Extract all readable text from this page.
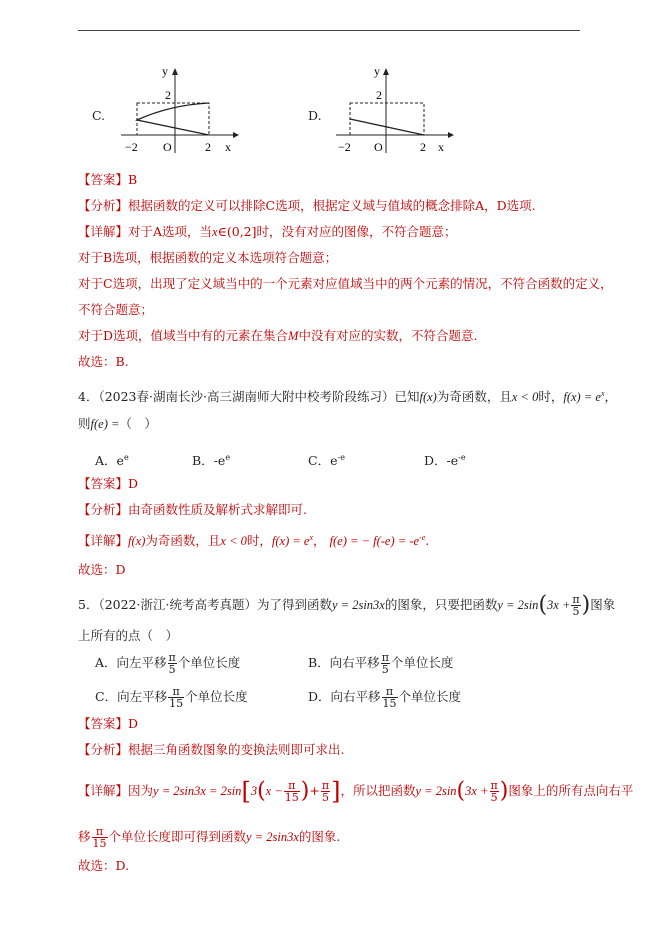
C.
y
2
−2 O	2 x
D.
y
2
−2 O	2 x
【答案】B
【分析】根据函数的定义可以排除C选项，根据定义域与值域的概念排除A，D选项.
【详解】对于A选项，当x∈(0,2]时，没有对应的图像，不符合题意；
对于B选项，根据函数的定义本选项符合题意；
对于C选项，出现了定义域当中的一个元素对应值域当中的两个元素的情况，不符合函数的定义，
不符合题意；
对于D选项，值域当中有的元素在集合M中没有对应的实数，不符合题意.
故选：B.
4．（2023春·湖南长沙·高三湖南师大附中校考阶段练习）已知f(x)为奇函数，且x < 0时，$f(x) = e^x$，
则f(e) =（　）
A．$e^e$	B．$-e^e$	C．$e^{-e}$	D．$-e^{-e}$
【答案】D
【分析】由奇函数性质及解析式求解即可.
【详解】f(x)为奇函数，且x < 0时，$f(x) = e^x$， f(e) = − $f(-e) = -e^{-e}$.
故选：D
5．（2022·浙江·统考高考真题）为了得到函数y = 2sin3x的图象，只要把函数$y = 2\sin(3x + \frac{\pi}{5}$ )图象
上所有的点（　）
A．向左平移 $\frac{\pi}{5}$ 个单位长度	B．向右平移 $\frac{\pi}{5}$ 个单位长度
C．向左平移 $\frac{\pi}{15}$ 个单位长度	D．向右平移 $\frac{\pi}{15}$ 个单位长度
【答案】D
【分析】根据三角函数图象的变换法则即可求出.
【详解】因为$y = 2\sin 3x = 2\sin[3(x - \frac{\pi}{15}$ )+ $\frac{\pi}{5}$ ]，所以把函数$y = 2\sin(3x + \frac{\pi}{5}$ )图象上的所有点向右平
移 $\frac{\pi}{15}$ 个单位长度即可得到函数y = 2sin3x的图象.
故选：D.
